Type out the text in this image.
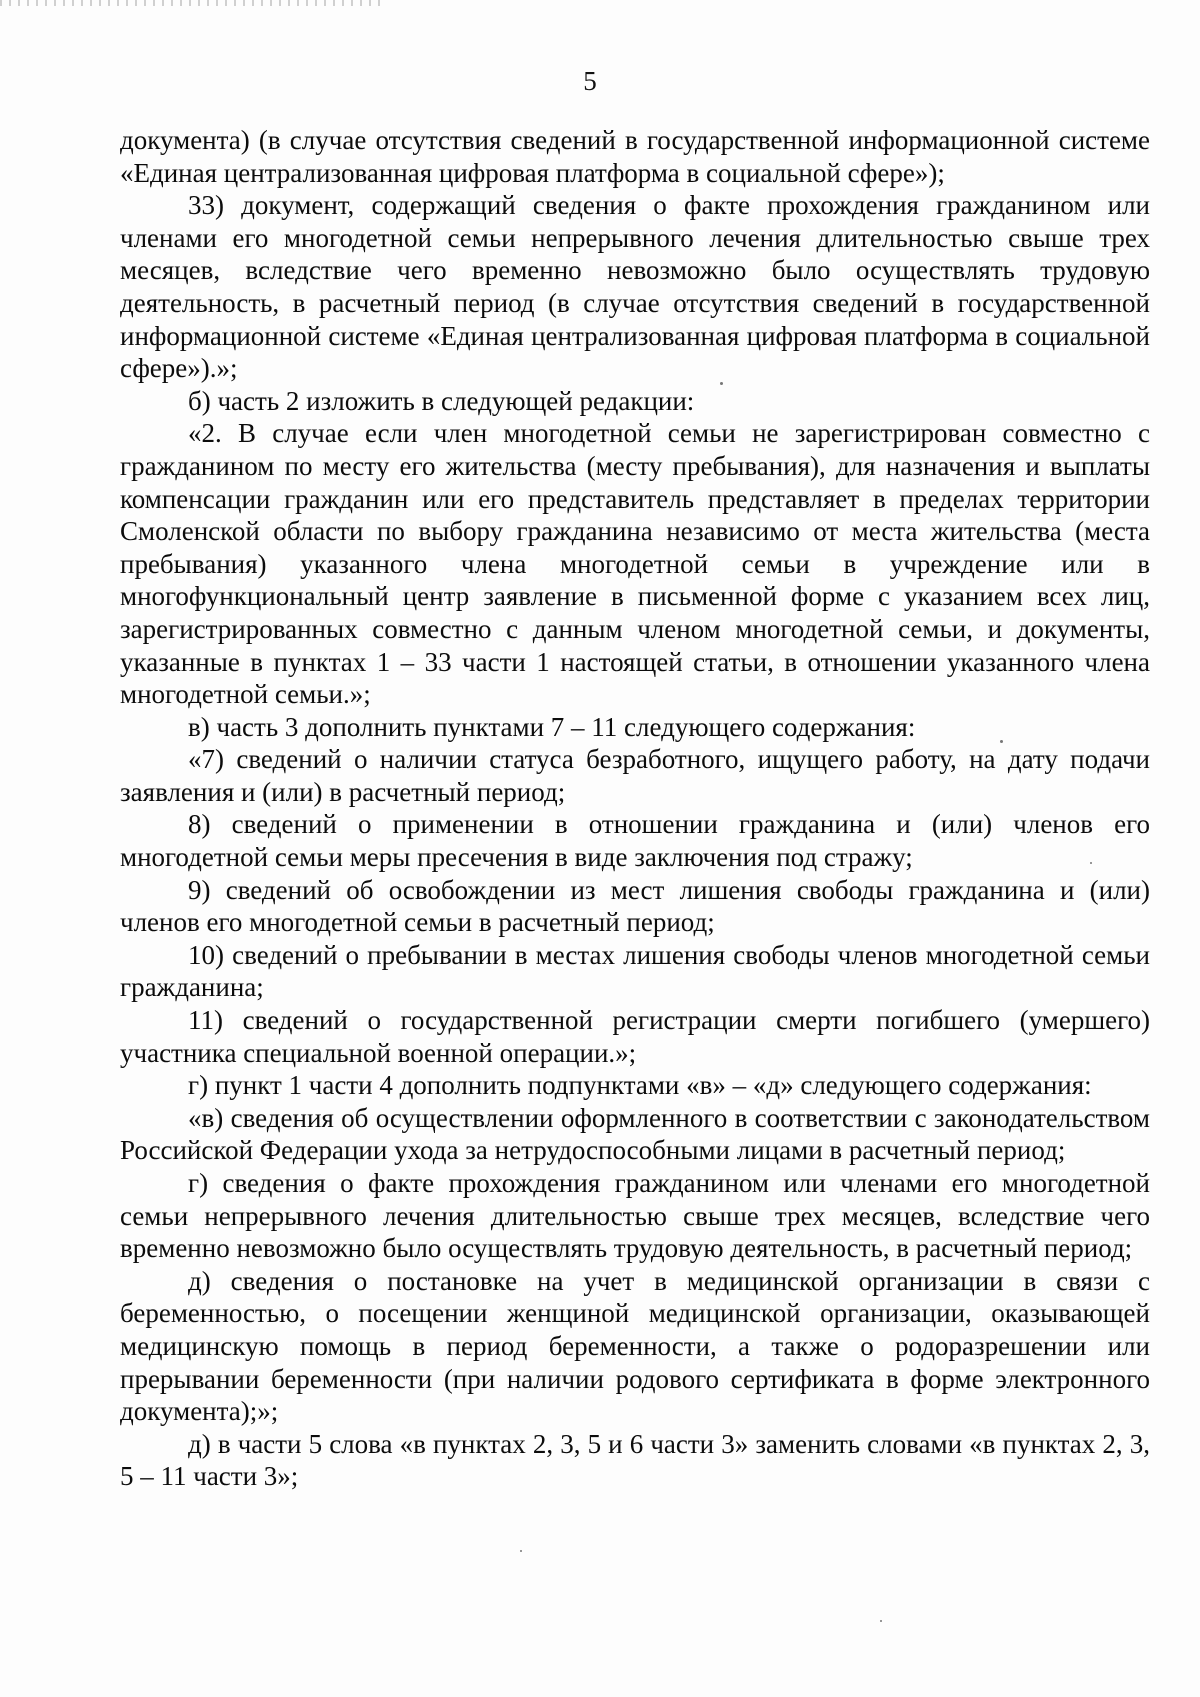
5

документа) (в случае отсутствия сведений в государственной информационной системе «Единая централизованная цифровая платформа в социальной сфере»);

33) документ, содержащий сведения о факте прохождения гражданином или членами его многодетной семьи непрерывного лечения длительностью свыше трех месяцев, вследствие чего временно невозможно было осуществлять трудовую деятельность, в расчетный период (в случае отсутствия сведений в государственной информационной системе «Единая централизованная цифровая платформа в социальной сфере»).»;

б) часть 2 изложить в следующей редакции:

«2. В случае если член многодетной семьи не зарегистрирован совместно с гражданином по месту его жительства (месту пребывания), для назначения и выплаты компенсации гражданин или его представитель представляет в пределах территории Смоленской области по выбору гражданина независимо от места жительства (места пребывания) указанного члена многодетной семьи в учреждение или в многофункциональный центр заявление в письменной форме с указанием всех лиц, зарегистрированных совместно с данным членом многодетной семьи, и документы, указанные в пунктах 1 – 33 части 1 настоящей статьи, в отношении указанного члена многодетной семьи.»;

в) часть 3 дополнить пунктами 7 – 11 следующего содержания:

«7) сведений о наличии статуса безработного, ищущего работу, на дату подачи заявления и (или) в расчетный период;

8) сведений о применении в отношении гражданина и (или) членов его многодетной семьи меры пресечения в виде заключения под стражу;

9) сведений об освобождении из мест лишения свободы гражданина и (или) членов его многодетной семьи в расчетный период;

10) сведений о пребывании в местах лишения свободы членов многодетной семьи гражданина;

11) сведений о государственной регистрации смерти погибшего (умершего) участника специальной военной операции.»;

г) пункт 1 части 4 дополнить подпунктами «в» – «д» следующего содержания:

«в) сведения об осуществлении оформленного в соответствии с законодательством Российской Федерации ухода за нетрудоспособными лицами в расчетный период;

г) сведения о факте прохождения гражданином или членами его многодетной семьи непрерывного лечения длительностью свыше трех месяцев, вследствие чего временно невозможно было осуществлять трудовую деятельность, в расчетный период;

д) сведения о постановке на учет в медицинской организации в связи с беременностью, о посещении женщиной медицинской организации, оказывающей медицинскую помощь в период беременности, а также о родоразрешении или прерывании беременности (при наличии родового сертификата в форме электронного документа);»;

д) в части 5 слова «в пунктах 2, 3, 5 и 6 части 3» заменить словами «в пунктах 2, 3, 5 – 11 части 3»;
